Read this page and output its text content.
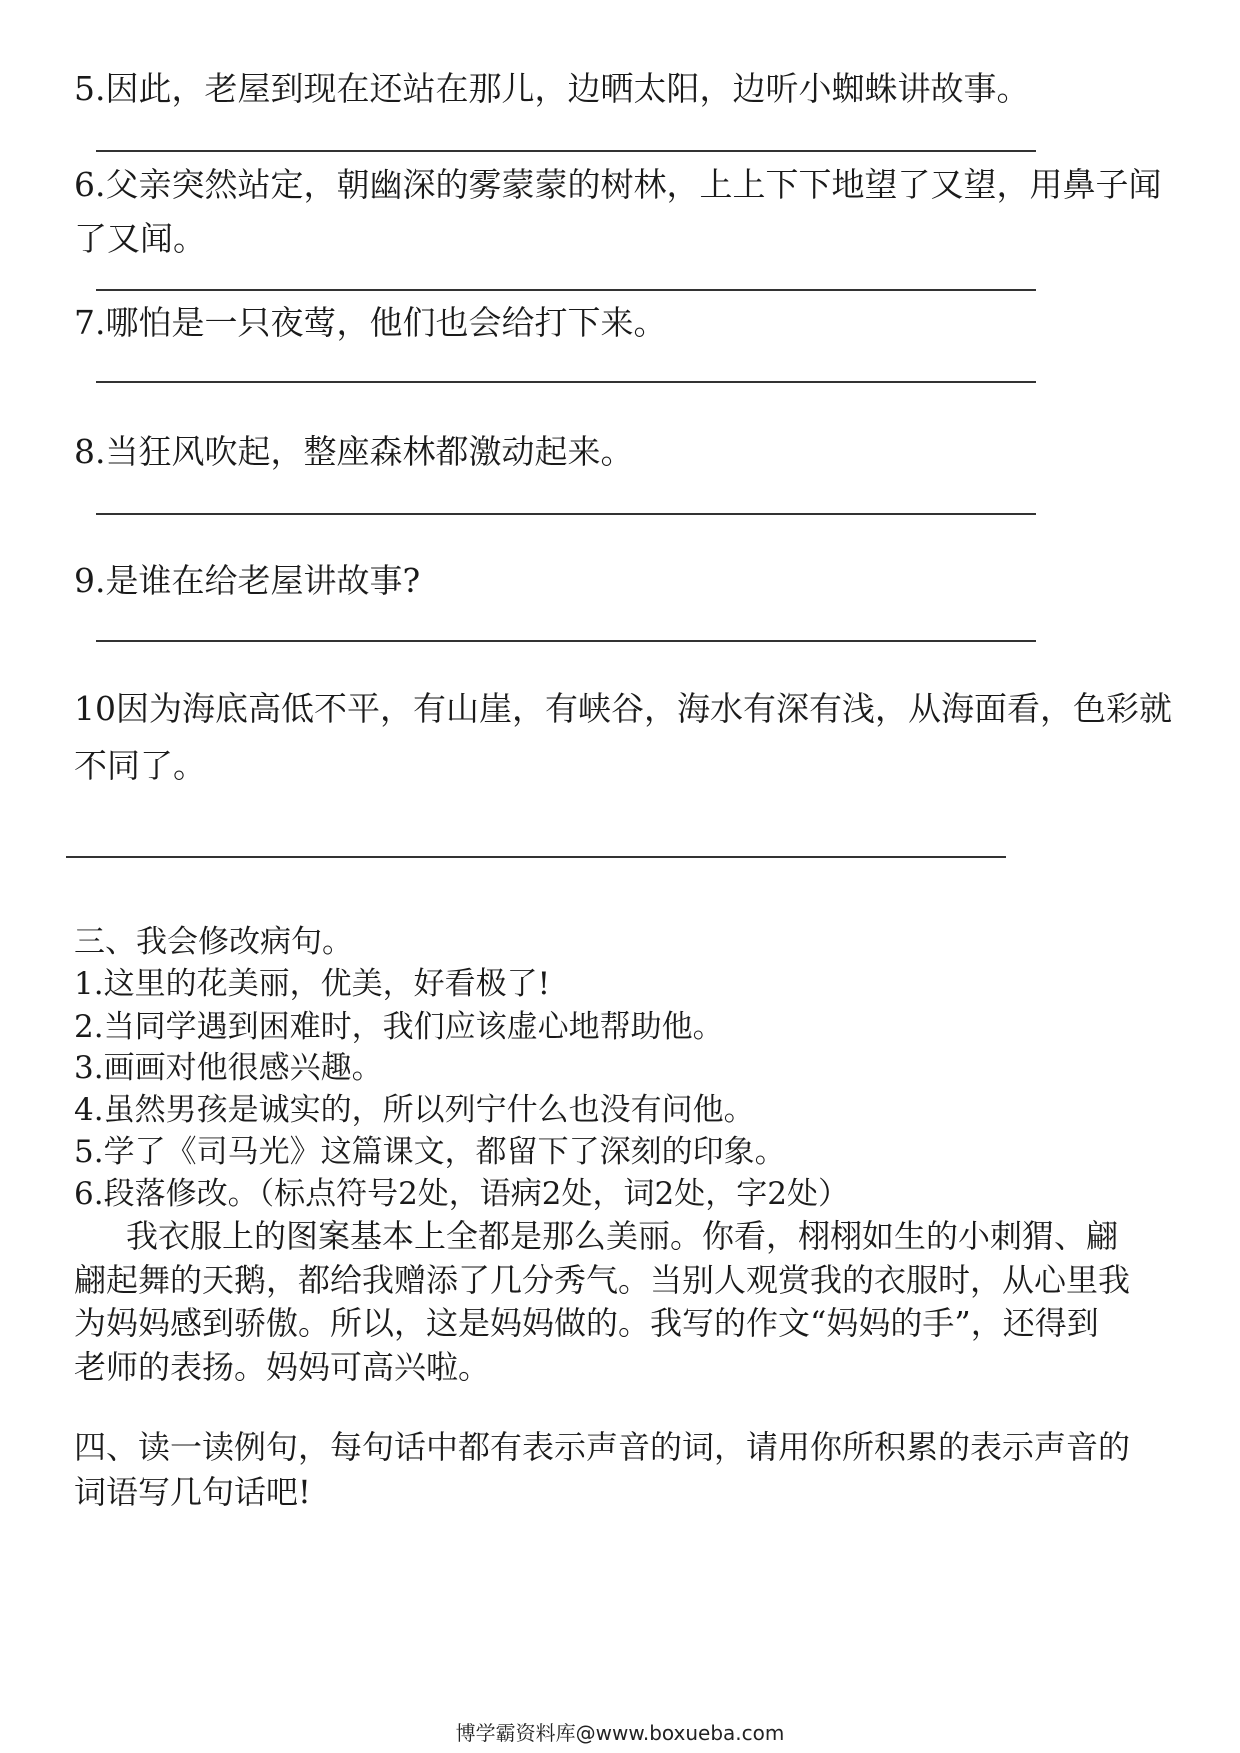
5.因此，老屋到现在还站在那儿，边晒太阳，边听小蜘蛛讲故事。
6.父亲突然站定，朝幽深的雾蒙蒙的树林，上上下下地望了又望，用鼻子闻
了又闻。
7.哪怕是一只夜莺，他们也会给打下来。
8.当狂风吹起，整座森林都激动起来。
9.是谁在给老屋讲故事?
10因为海底高低不平，有山崖，有峡谷，海水有深有浅，从海面看，色彩就
不同了。
三、我会修改病句。
1.这里的花美丽，优美，好看极了!
2.当同学遇到困难时，我们应该虚心地帮助他。
3.画画对他很感兴趣。
4.虽然男孩是诚实的，所以列宁什么也没有问他。
5.学了《司马光》这篇课文，都留下了深刻的印象。
6.段落修改。（标点符号2处，语病2处，词2处，字2处）
我衣服上的图案基本上全都是那么美丽。你看，栩栩如生的小刺猬、翩
翩起舞的天鹅，都给我赠添了几分秀气。当别人观赏我的衣服时，从心里我
为妈妈感到骄傲。所以，这是妈妈做的。我写的作文“妈妈的手”，还得到
老师的表扬。妈妈可高兴啦。
四、读一读例句，每句话中都有表示声音的词，请用你所积累的表示声音的
词语写几句话吧!
博学霸资料库@www.boxueba.com
